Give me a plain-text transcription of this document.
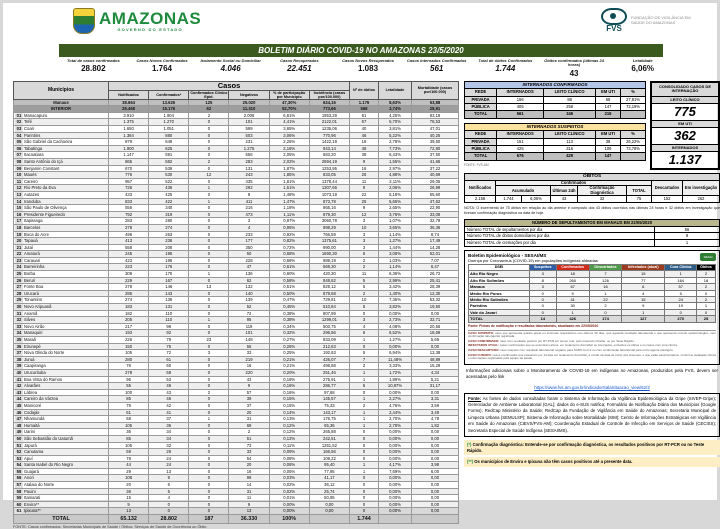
AMAZONAS
GOVERNO DO ESTADO	FVS
FUNDAÇÃO DE VIGILÂNCIA EM SAÚDE DO AMAZONAS
BOLETIM DIÁRIO COVID-19 NO AMAZONAS 23/5/2020
Total de casos confirmados
28.802
Casos Novos Confirmados
1.764
Isolamento Social ou Domiciliar
4.046
Casos Recuperados
22.451
Casos Novos Recuperados
1.083
Casos Internados Confirmados
561
Total de óbitos Confirmados
1.744
Óbitos confirmados (últimas 24 horas)
43
Letalidade
6,06%
Municípios	Casos						Nº de óbitos	Letalidade	Mortalidade (casos por/100.000)
	Notificados	Confirmados*	Confirmados Clínico Epid.	Negativos	% de participação por Município	Incidência (casos por/100.000)			
Manaus	38.664	13.626	125	25.020	47,30%	624,16	1.176	8,63%	53,88
INTERIOR	26.468	15.176	62	11.310	52,70%	773,66	568	3,74%	28,91
01 Manacapuru	3.910	1.904	2	2.008	6,61%	1953,29	81	4,25%	83,18
02 Tefé	1.375	1.270	0	101	4,41%	2122,01	67	5,70%	78,53
03 Coari	1.650	1.051	0	599	3,65%	1235,06	40	3,81%	47,01
04 Parintins	1.384	880	0	503	3,06%	770,96	46	5,22%	40,25
05 São Gabriel da Cachoeira	879	648	0	231	2,25%	1422,18	18	2,78%	39,50
06 Tabatinga	1.900	625	0	1.275	2,16%	943,14	48	7,73%	72,90
07 Itacoatiara	1.147	591	0	556	2,05%	583,20	38	6,43%	37,50
08 Santo Antônio do Içá	865	582	2	283	2,02%	2694,19	9	1,55%	41,66
09 Benjamin Constant	670	539	0	131	1,87%	1253,95	16	2,97%	37,22
10 Maués	776	530	12	243	1,85%	833,05	26	4,88%	40,69
11 Careiro	957	522	0	435	1,81%	1378,44	11	2,11%	29,05
12 Rio Preto da Eva	726	436	1	292	1,51%	1307,66	9	2,06%	26,99
13 Autazes	433	425	0	8	1,48%	1073,18	22	5,18%	55,60
14 Iranduba	833	422	1	411	1,47%	873,78	25	5,65%	47,62
15 São Paulo de Olivença	556	340	0	216	1,18%	865,16	9	2,65%	22,90
16 Presidente Figueiredo	792	319	0	473	1,11%	879,30	12	3,76%	33,08
17 Itapiranga	283	280	0	3	0,97%	3060,78	3	1,07%	32,79
18 Barcelos	278	274	0	4	0,95%	998,29	10	3,65%	36,36
19 Boca do Acre	496	263	0	233	0,92%	766,59	3	1,14%	8,74
20 Tapauá	413	236	0	177	0,82%	1375,61	3	1,27%	17,49
21 Jutaí	558	208	0	350	0,72%	990,00	3	1,44%	14,28
22 Amaturá	245	195	0	50	0,68%	1690,30	6	3,08%	52,01
23 Carauari	423	195	0	228	0,68%	689,19	2	1,03%	7,07
24 Barreirinha	223	176	0	47	0,61%	569,30	2	1,14%	6,47
25 Borba	309	170	1	136	0,60%	420,30	11	6,36%	26,72
26 Beruri	229	167	0	62	0,58%	848,62	5	2,99%	25,41
27 Fonte Boa	278	146	13	132	0,51%	829,12	5	3,42%	28,39
28 Urucará	285	143	0	140	0,50%	879,68	2	1,40%	12,30
29 Tonantins	274	136	0	139	0,47%	729,81	10	7,35%	53,32
30 Novo Aripuanã	183	131	0	52	0,45%	510,84	5	3,82%	19,50
31 Anamã	182	110	0	72	0,38%	807,99	0	0,00%	0,00
32 Silves	205	110	1	95	0,38%	1299,01	3	2,73%	32,71
33 Novo Airão	217	98	0	119	0,34%	503,75	4	4,08%	20,56
34 Manaquiri	193	92	0	101	0,32%	296,56	6	6,52%	18,69
35 Maraã	226	79	23	148	0,27%	833,09	1	1,27%	5,69
36 Eirunepé	150	75	0	55	0,26%	212,63	0	0,00%	0,00
37 Nova Olinda do Norte	105	72	3	33	0,25%	192,63	5	6,94%	13,38
38 Juruá	280	61	0	219	0,21%	426,07	7	11,48%	48,89
39 Caapiranga	76	60	0	16	0,21%	498,68	2	3,33%	15,29
40 Urucurituba	278	58	0	220	0,20%	251,46	1	1,72%	4,34
41 Boa Vista do Ramos	96	53	0	43	0,18%	275,91	1	1,89%	5,21
42 Alvarães	55	46	0	9	0,16%	286,77	5	10,87%	31,17
43 Lábrea	100	43	2	57	0,16%	97,68	0	0,00%	0,00
44 Careiro da Várzea	85	46	0	39	0,15%	145,57	1	2,27%	3,31
45 Manicoré	79	42	0	37	0,15%	75,33	2	4,76%	3,59
46 Codajás	61	41	0	20	0,14%	143,17	1	2,44%	3,49
47 Nhamundá	68	37	1	31	0,13%	176,75	1	2,70%	4,78
48 Humaitá	105	36	0	69	0,12%	65,36	1	2,78%	1,82
49 Uarini	36	34	0	2	0,12%	265,88	0	0,00%	0,00
50 São Sebastião do Uatumã	85	34	0	51	0,12%	242,51	0	0,00%	0,00
51 Japurá	105	32	0	73	0,11%	1261,52	0	0,00%	0,00
52 Canutama	59	26	0	33	0,09%	166,56	0	0,00%	0,00
53 Apuí	78	24	0	54	0,08%	109,22	0	0,00%	0,00
54 Santa Isabel do Rio Negro	44	24	0	20	0,08%	95,40	1	4,17%	3,98
55 Guajará	29	13	0	16	0,05%	77,95	1	7,69%	6,00
56 Anori	108	9	0	99	0,03%	41,17	0	0,00%	0,00
57 Atalaia do Norte	20	6	0	14	0,02%	36,12	0	0,00%	0,00
58 Pauini	36	5	0	31	0,02%	25,74	0	0,00%	0,00
59 Itamarati	15	4	0	11	0,01%	50,95	0	0,00%	0,00
60 Envira**	9	0	0	9	0,00%	0,00	0	0,00%	0,00
61 Ipixuna**	13	0	0	13	0,00%	0,00	0	0,00%	0,00
TOTAL	65.132	28.802	187	36.330	100%		1.744		
FONTE: Casos confirmados: Secretarias Municipais de Saúde / Óbitos: Serviços de Saúde de Ocorrência ou Óbito
INTERNADOS CONFIRMADOS				
REDE	INTERNADOS	LEITO CLÍNICO	EM UTI	%
PRIVADA	156	88	68	27,81%
PÚBLICA	405	258	147	72,19%
TOTAL	561	346	215	
INTERNADOS SUSPEITOS				
REDE	INTERNADOS	LEITO CLÍNICO	EM UTI	%
PRIVADA	151	113	38	26,22%
PÚBLICA	425	316	109	73,78%
TOTAL	576	429	147	
FONTE: FVS-AM
CONSOLIDADO CASOS DE INTERNAÇÃO
LEITO CLÍNICO
775
EM UTI
362
INTERNADOS
1.137
ÓBITOS							
Notificados	Confirmados					Descartados	Em investigação
	Acumulado		Últimas 24h	Confirmação Diagnóstica	TOTAL		
2.158	1.744	6,06%	43	32	75	152	262
NOTA: O incremento de 75 óbitos em relação ao dia anterior é composto dos 43 óbitos ocorridos nas últimas 24 horas e 32 óbitos em investigação que tiveram confirmação diagnóstica na data de hoje.
NÚMERO DE SEPULTAMENTOS EM MANAUS EM 22/05/2020	
Número TOTAL de sepultamentos por dia	56
Número TOTAL de óbitos domiciliares por dia	9
Número TOTAL de cremações por dia	1
Boletim Epidemiológico - SESAI/MS
Doença por Coronavírus (COVID-19) em populações indígenas aldeadas
SESAI
DSEI	Suspeitos	Confirmados	Descartados	Infectados (atual)	Cura Clínica	Óbitos
Alto Rio Negro	3	18	7	15	1	2
Alto Rio Solimões	8	260	126	77	164	18
Manaus	3	67	16	6	57	2
Médio Rio Purus	0	9	1	4	5	0
Médio Rio Solimões	0	41	22	15	24	2
Parintins	0	30	2	9	19	1
Vale do Javari	0	1	0	1	0	0
TOTAL	14	426	174	127	270	25
Fonte: Fichas de notificação e resultados laboratoriais, atualizado em 22/05/2020

CASO SUSPEITO: caso que apresenta quadro gripal ou sintomas respiratórios nos últimos 30 dias, que aguarda resultado laboratorial e que apresenta vínculo epidemiológico, sem confirmação laboratorial registrada.

CASO CONFIRMADO: caso com resultado positivo por RT-PCR em tempo real, pelo protocolo Charité, ou por Teste Rápido.

INFECTADOS ATUAL: casos confirmados que se encontram ativos, em isolamento domiciliar ou internados, excluídos os óbitos e os casos com cura clínica.

CASO DESCARTADO: caso suspeito com resultado laboratorial negativo para SARS-CoV-2 ou com confirmação laboratorial para outro agente etiológico.

CASO CURADO: casos confirmados que passaram por 14 dias em isolamento domiciliar, a contar da data de início dos sintomas, e que estão assintomáticos, conforme avaliação clínica e informações registradas pela equipe de saúde.

Informações adicionais sobre o Monitoramento de COVID-19 em indígenas no Amazonas, produzidos pela FVS, devem ser acessadas pelo link
https://www.fvs.am.gov.br/indicadorSalaSituacao_view/62/2
Fonte: As fontes de dados consultadas foram o Sistema de Informação da Vigilância Epidemiológica da Gripe (SIVEP-Gripe); Gerenciador de Ambiente Laboratorial (GAL); dados do e-SUS notifica; Formulário de Notificação Diária dos Municípios (Google Forms); RedCap Ministério da Saúde; RedCap da Fundação de Vigilância em Saúde do Amazonas; Secretaria Municipal de Limpeza Urbana (SEMULSP); Sistema de Informação sobre Mortalidade (SIM); Centro de Informações Estratégicas em Vigilância em Saúde do Amazonas (CIEVS/FVS-AM); Coordenação Estadual de Controle de Infecção em Serviços de Saúde (CECISS); Secretaria Especial de Saúde Indígena (SESAI/MS).
(*) Confirmação diagnóstica: Entende-se por confirmação diagnóstica, os resultados positivos por RT-PCR ou no Teste Rápido.
(**) Os municípios de Envira e Ipixuna não têm casos positivos até a presente data.
